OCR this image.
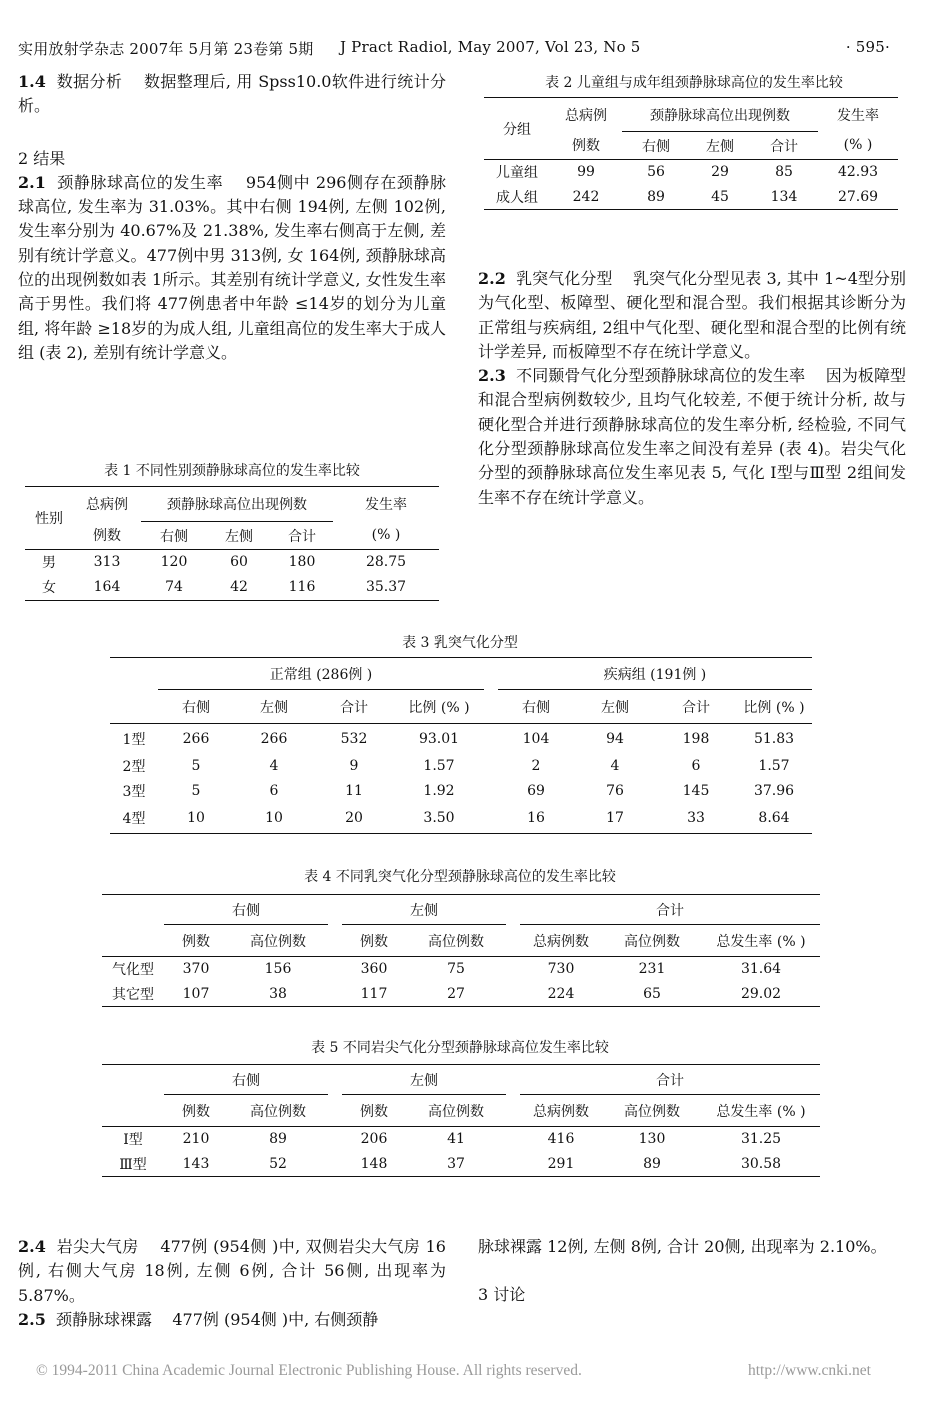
实用放射学杂志 2007年 5月第 23卷第 5期 J Pract Radiol, May 2007, Vol 23, No 5	· 595·

1.4 数据分析 数据整理后, 用 Spss10.0软件进行统计分析。

2 结果

2.1 颈静脉球高位的发生率 954侧中 296侧存在颈静脉球高位, 发生率为 31.03%。其中右侧 194例, 左侧 102例, 发生率分别为 40.67%及 21.38%, 发生率右侧高于左侧, 差别有统计学意义。477例中男 313例, 女 164例, 颈静脉球高位的出现例数如表 1所示。其差别有统计学意义, 女性发生率高于男性。我们将 477例患者中年龄 ≤14岁的划分为儿童组, 将年龄 ≥18岁的为成人组, 儿童组高位的发生率大于成人组 (表 2), 差别有统计学意义。

表 1 不同性别颈静脉球高位的发生率比较
性别	总病例	颈静脉球高位出现例数			发生率
	例数	右侧	左侧	合计	(% )
男	313	120	60	180	28.75
女	164	74	42	116	35.37
表 2 儿童组与成年组颈静脉球高位的发生率比较
分组	总病例	颈静脉球高位出现例数			发生率
	例数	右侧	左侧	合计	(% )
儿童组	99	56	29	85	42.93
成人组	242	89	45	134	27.69

2.2 乳突气化分型 乳突气化分型见表 3, 其中 1~4型分别为气化型、板障型、硬化型和混合型。我们根据其诊断分为正常组与疾病组, 2组中气化型、硬化型和混合型的比例有统计学差异, 而板障型不存在统计学意义。

2.3 不同颞骨气化分型颈静脉球高位的发生率 因为板障型和混合型病例数较少, 且均气化较差, 不便于统计分析, 故与硬化型合并进行颈静脉球高位的发生率分析, 经检验, 不同气化分型颈静脉球高位发生率之间没有差异 (表 4)。岩尖气化分型的颈静脉球高位发生率见表 5, 气化 Ⅰ型与Ⅲ型 2组间发生率不存在统计学意义。

表 3 乳突气化分型
	正常组 (286例 )					疾病组 (191例 )			
	右侧	左侧	合计	比例 (% )		右侧	左侧	合计	比例 (% )
1型	266	266	532	93.01		104	94	198	51.83
2型	5	4	9	1.57		2	4	6	1.57
3型	5	6	11	1.92		69	76	145	37.96
4型	10	10	20	3.50		16	17	33	8.64
表 4 不同乳突气化分型颈静脉球高位的发生率比较
	右侧			左侧			合计		
	例数	高位例数		例数	高位例数		总病例数	高位例数	总发生率 (% )
气化型	370	156		360	75		730	231	31.64
其它型	107	38		117	27		224	65	29.02
表 5 不同岩尖气化分型颈静脉球高位发生率比较
	右侧			左侧			合计		
	例数	高位例数		例数	高位例数		总病例数	高位例数	总发生率 (% )
Ⅰ型	210	89		206	41		416	130	31.25
Ⅲ型	143	52		148	37		291	89	30.58

2.4 岩尖大气房 477例 (954侧 )中, 双侧岩尖大气房 16例, 右侧大气房 18例, 左侧 6例, 合计 56侧, 出现率为 5.87%。

2.5 颈静脉球裸露 477例 (954侧 )中, 右侧颈静

脉球裸露 12例, 左侧 8例, 合计 20侧, 出现率为 2.10%。

3 讨论

© 1994-2011 China Academic Journal Electronic Publishing House. All rights reserved.	http://www.cnki.net
